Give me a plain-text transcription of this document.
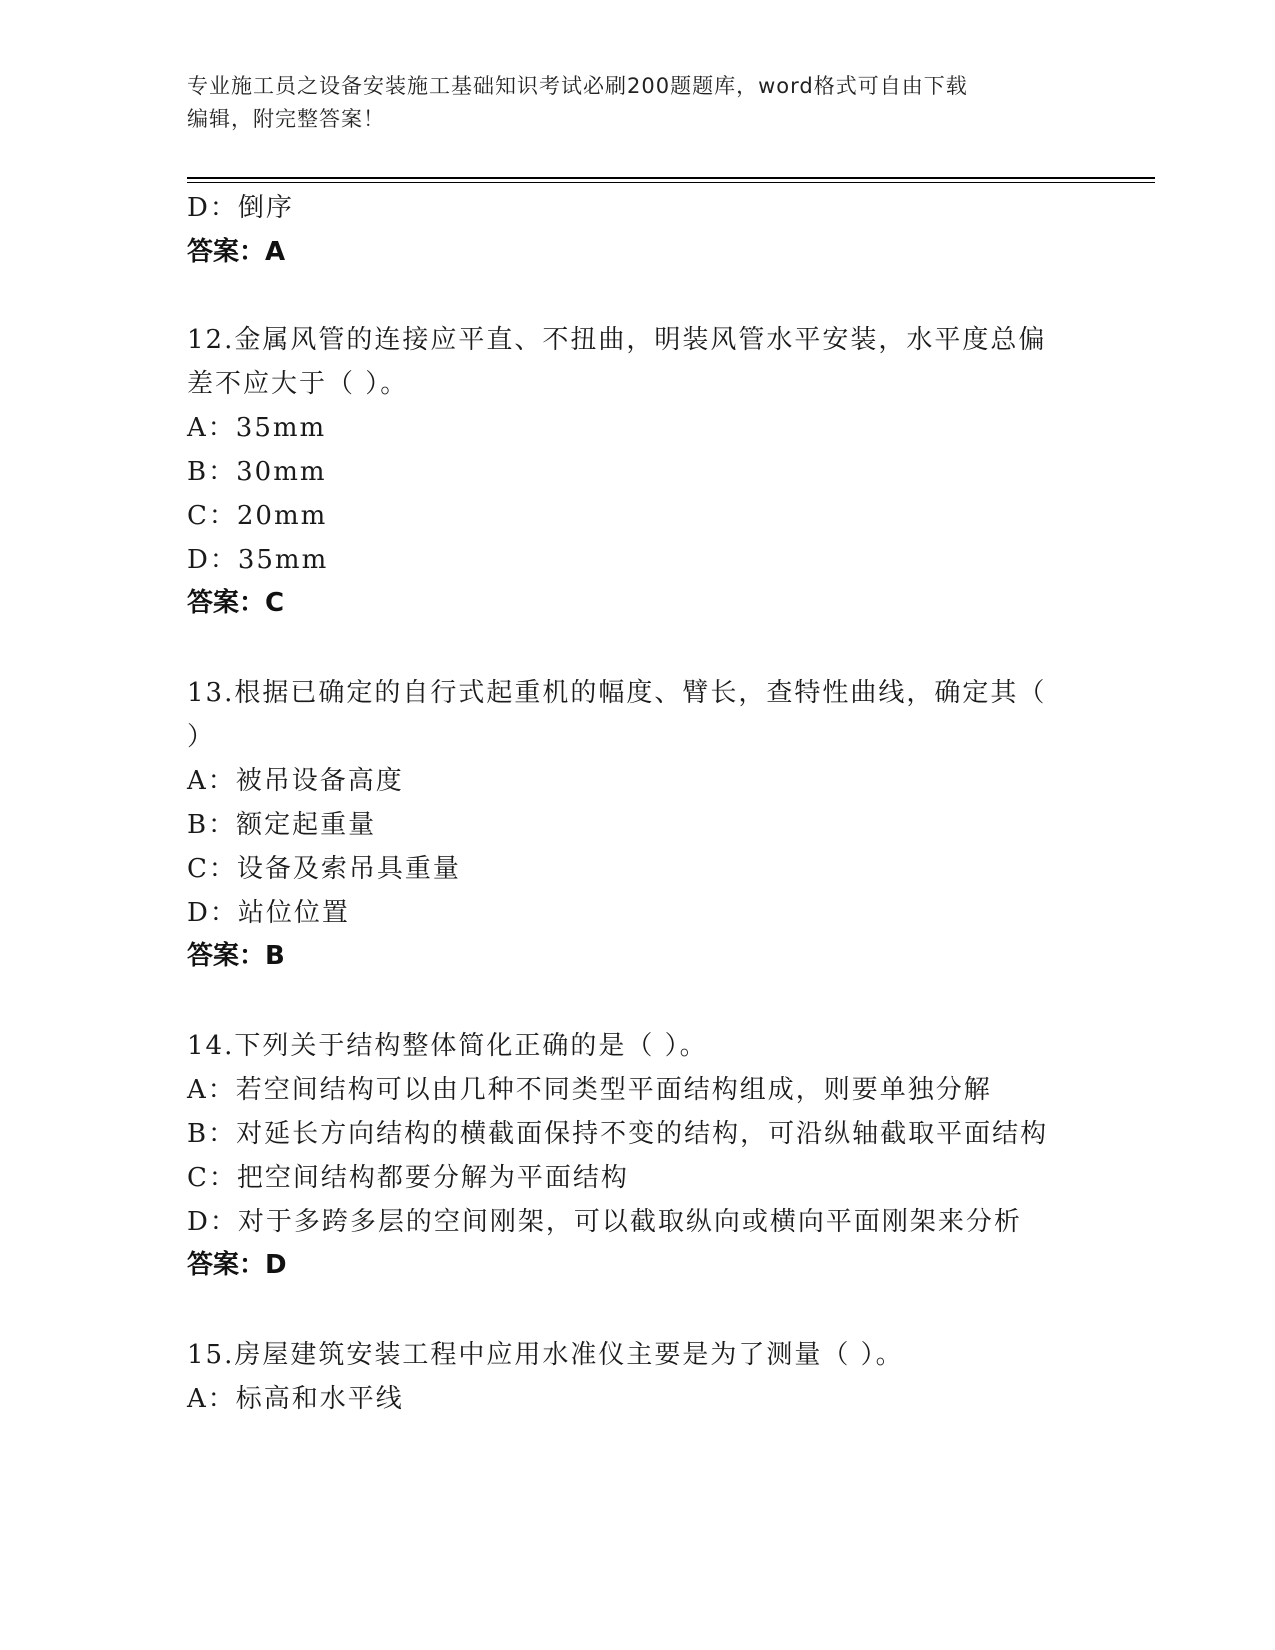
专业施工员之设备安装施工基础知识考试必刷200题题库，word格式可自由下载
编辑，附完整答案！
D：倒序
答案：A
12.金属风管的连接应平直、不扭曲，明装风管水平安装，水平度总偏
差不应大于（ ）。
A：35mm
B：30mm
C：20mm
D：35mm
答案：C
13.根据已确定的自行式起重机的幅度、臂长，查特性曲线，确定其（
）
A：被吊设备高度
B：额定起重量
C：设备及索吊具重量
D：站位位置
答案：B
14.下列关于结构整体简化正确的是（ ）。
A：若空间结构可以由几种不同类型平面结构组成，则要单独分解
B：对延长方向结构的横截面保持不变的结构，可沿纵轴截取平面结构
C：把空间结构都要分解为平面结构
D：对于多跨多层的空间刚架，可以截取纵向或横向平面刚架来分析
答案：D
15.房屋建筑安装工程中应用水准仪主要是为了测量（ ）。
A：标高和水平线
